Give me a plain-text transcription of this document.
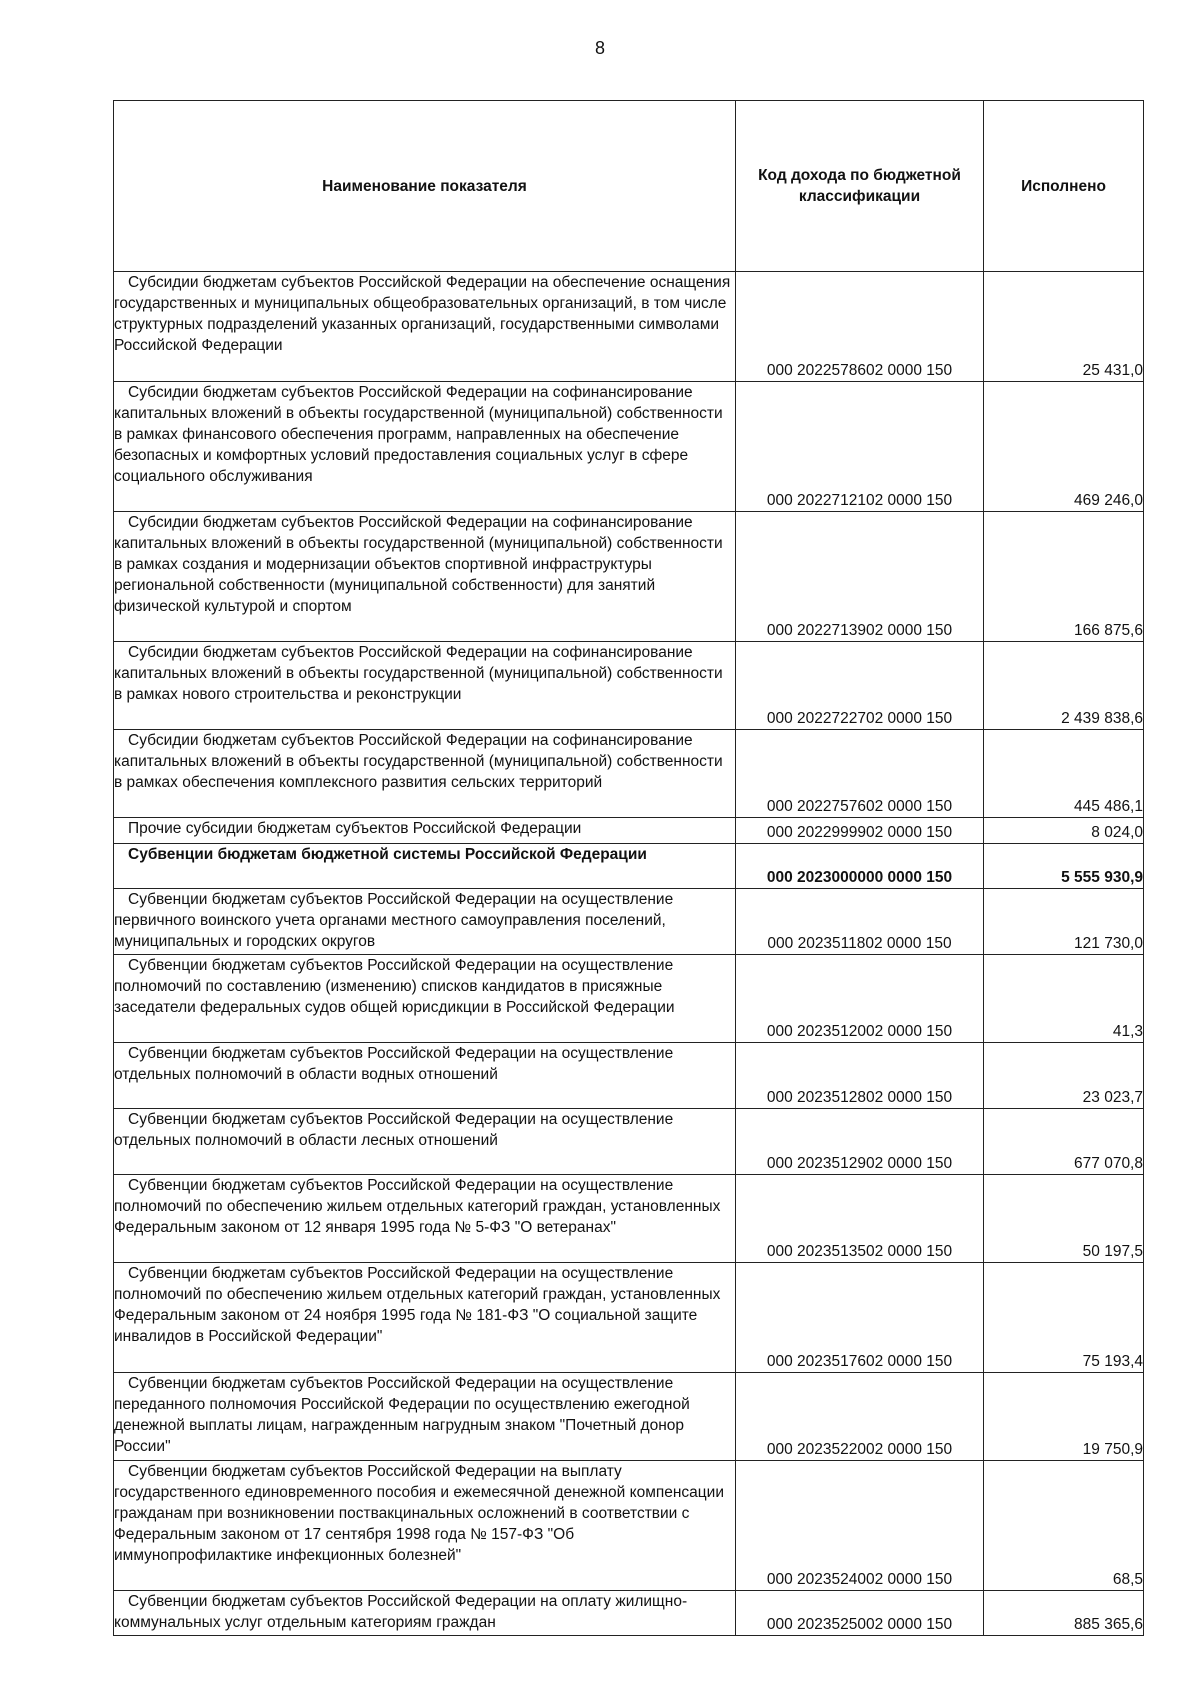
8
Наименование показателя	Код дохода по бюджетной классификации	Исполнено

Субсидии бюджетам субъектов Российской Федерации на обеспечение оснащения государственных и муниципальных общеобразовательных организаций, в том числе структурных подразделений указанных организаций, государственными символами Российской Федерации	000 2022578602 0000 150	25 431,0

Субсидии бюджетам субъектов Российской Федерации на софинансирование капитальных вложений в объекты государственной (муниципальной) собственности в рамках финансового обеспечения программ, направленных на обеспечение безопасных и комфортных условий предоставления социальных услуг в сфере социального обслуживания	000 2022712102 0000 150	469 246,0

Субсидии бюджетам субъектов Российской Федерации на софинансирование капитальных вложений в объекты государственной (муниципальной) собственности в рамках создания и модернизации объектов спортивной инфраструктуры региональной собственности (муниципальной собственности) для занятий физической культурой и спортом	000 2022713902 0000 150	166 875,6

Субсидии бюджетам субъектов Российской Федерации на софинансирование капитальных вложений в объекты государственной (муниципальной) собственности в рамках нового строительства и реконструкции	000 2022722702 0000 150	2 439 838,6

Субсидии бюджетам субъектов Российской Федерации на софинансирование капитальных вложений в объекты государственной (муниципальной) собственности в рамках обеспечения комплексного развития сельских территорий	000 2022757602 0000 150	445 486,1

Прочие субсидии бюджетам субъектов Российской Федерации	000 2022999902 0000 150	8 024,0

Субвенции бюджетам бюджетной системы Российской Федерации	000 2023000000 0000 150	5 555 930,9

Субвенции бюджетам субъектов Российской Федерации на осуществление первичного воинского учета органами местного самоуправления поселений, муниципальных и городских округов	000 2023511802 0000 150	121 730,0

Субвенции бюджетам субъектов Российской Федерации на осуществление полномочий по составлению (изменению) списков кандидатов в присяжные заседатели федеральных судов общей юрисдикции в Российской Федерации	000 2023512002 0000 150	41,3

Субвенции бюджетам субъектов Российской Федерации на осуществление отдельных полномочий в области водных отношений	000 2023512802 0000 150	23 023,7

Субвенции бюджетам субъектов Российской Федерации на осуществление отдельных полномочий в области лесных отношений	000 2023512902 0000 150	677 070,8

Субвенции бюджетам субъектов Российской Федерации на осуществление полномочий по обеспечению жильем отдельных категорий граждан, установленных Федеральным законом от 12 января 1995 года № 5-ФЗ "О ветеранах"	000 2023513502 0000 150	50 197,5

Субвенции бюджетам субъектов Российской Федерации на осуществление полномочий по обеспечению жильем отдельных категорий граждан, установленных Федеральным законом от 24 ноября 1995 года № 181-ФЗ "О социальной защите инвалидов в Российской Федерации"	000 2023517602 0000 150	75 193,4

Субвенции бюджетам субъектов Российской Федерации на осуществление переданного полномочия Российской Федерации по осуществлению ежегодной денежной выплаты лицам, награжденным нагрудным знаком "Почетный донор России"	000 2023522002 0000 150	19 750,9

Субвенции бюджетам субъектов Российской Федерации на выплату государственного единовременного пособия и ежемесячной денежной компенсации гражданам при возникновении поствакцинальных осложнений в соответствии с Федеральным законом от 17 сентября 1998 года № 157-ФЗ "Об иммунопрофилактике инфекционных болезней"	000 2023524002 0000 150	68,5

Субвенции бюджетам субъектов Российской Федерации на оплату жилищно-коммунальных услуг отдельным категориям граждан	000 2023525002 0000 150	885 365,6
